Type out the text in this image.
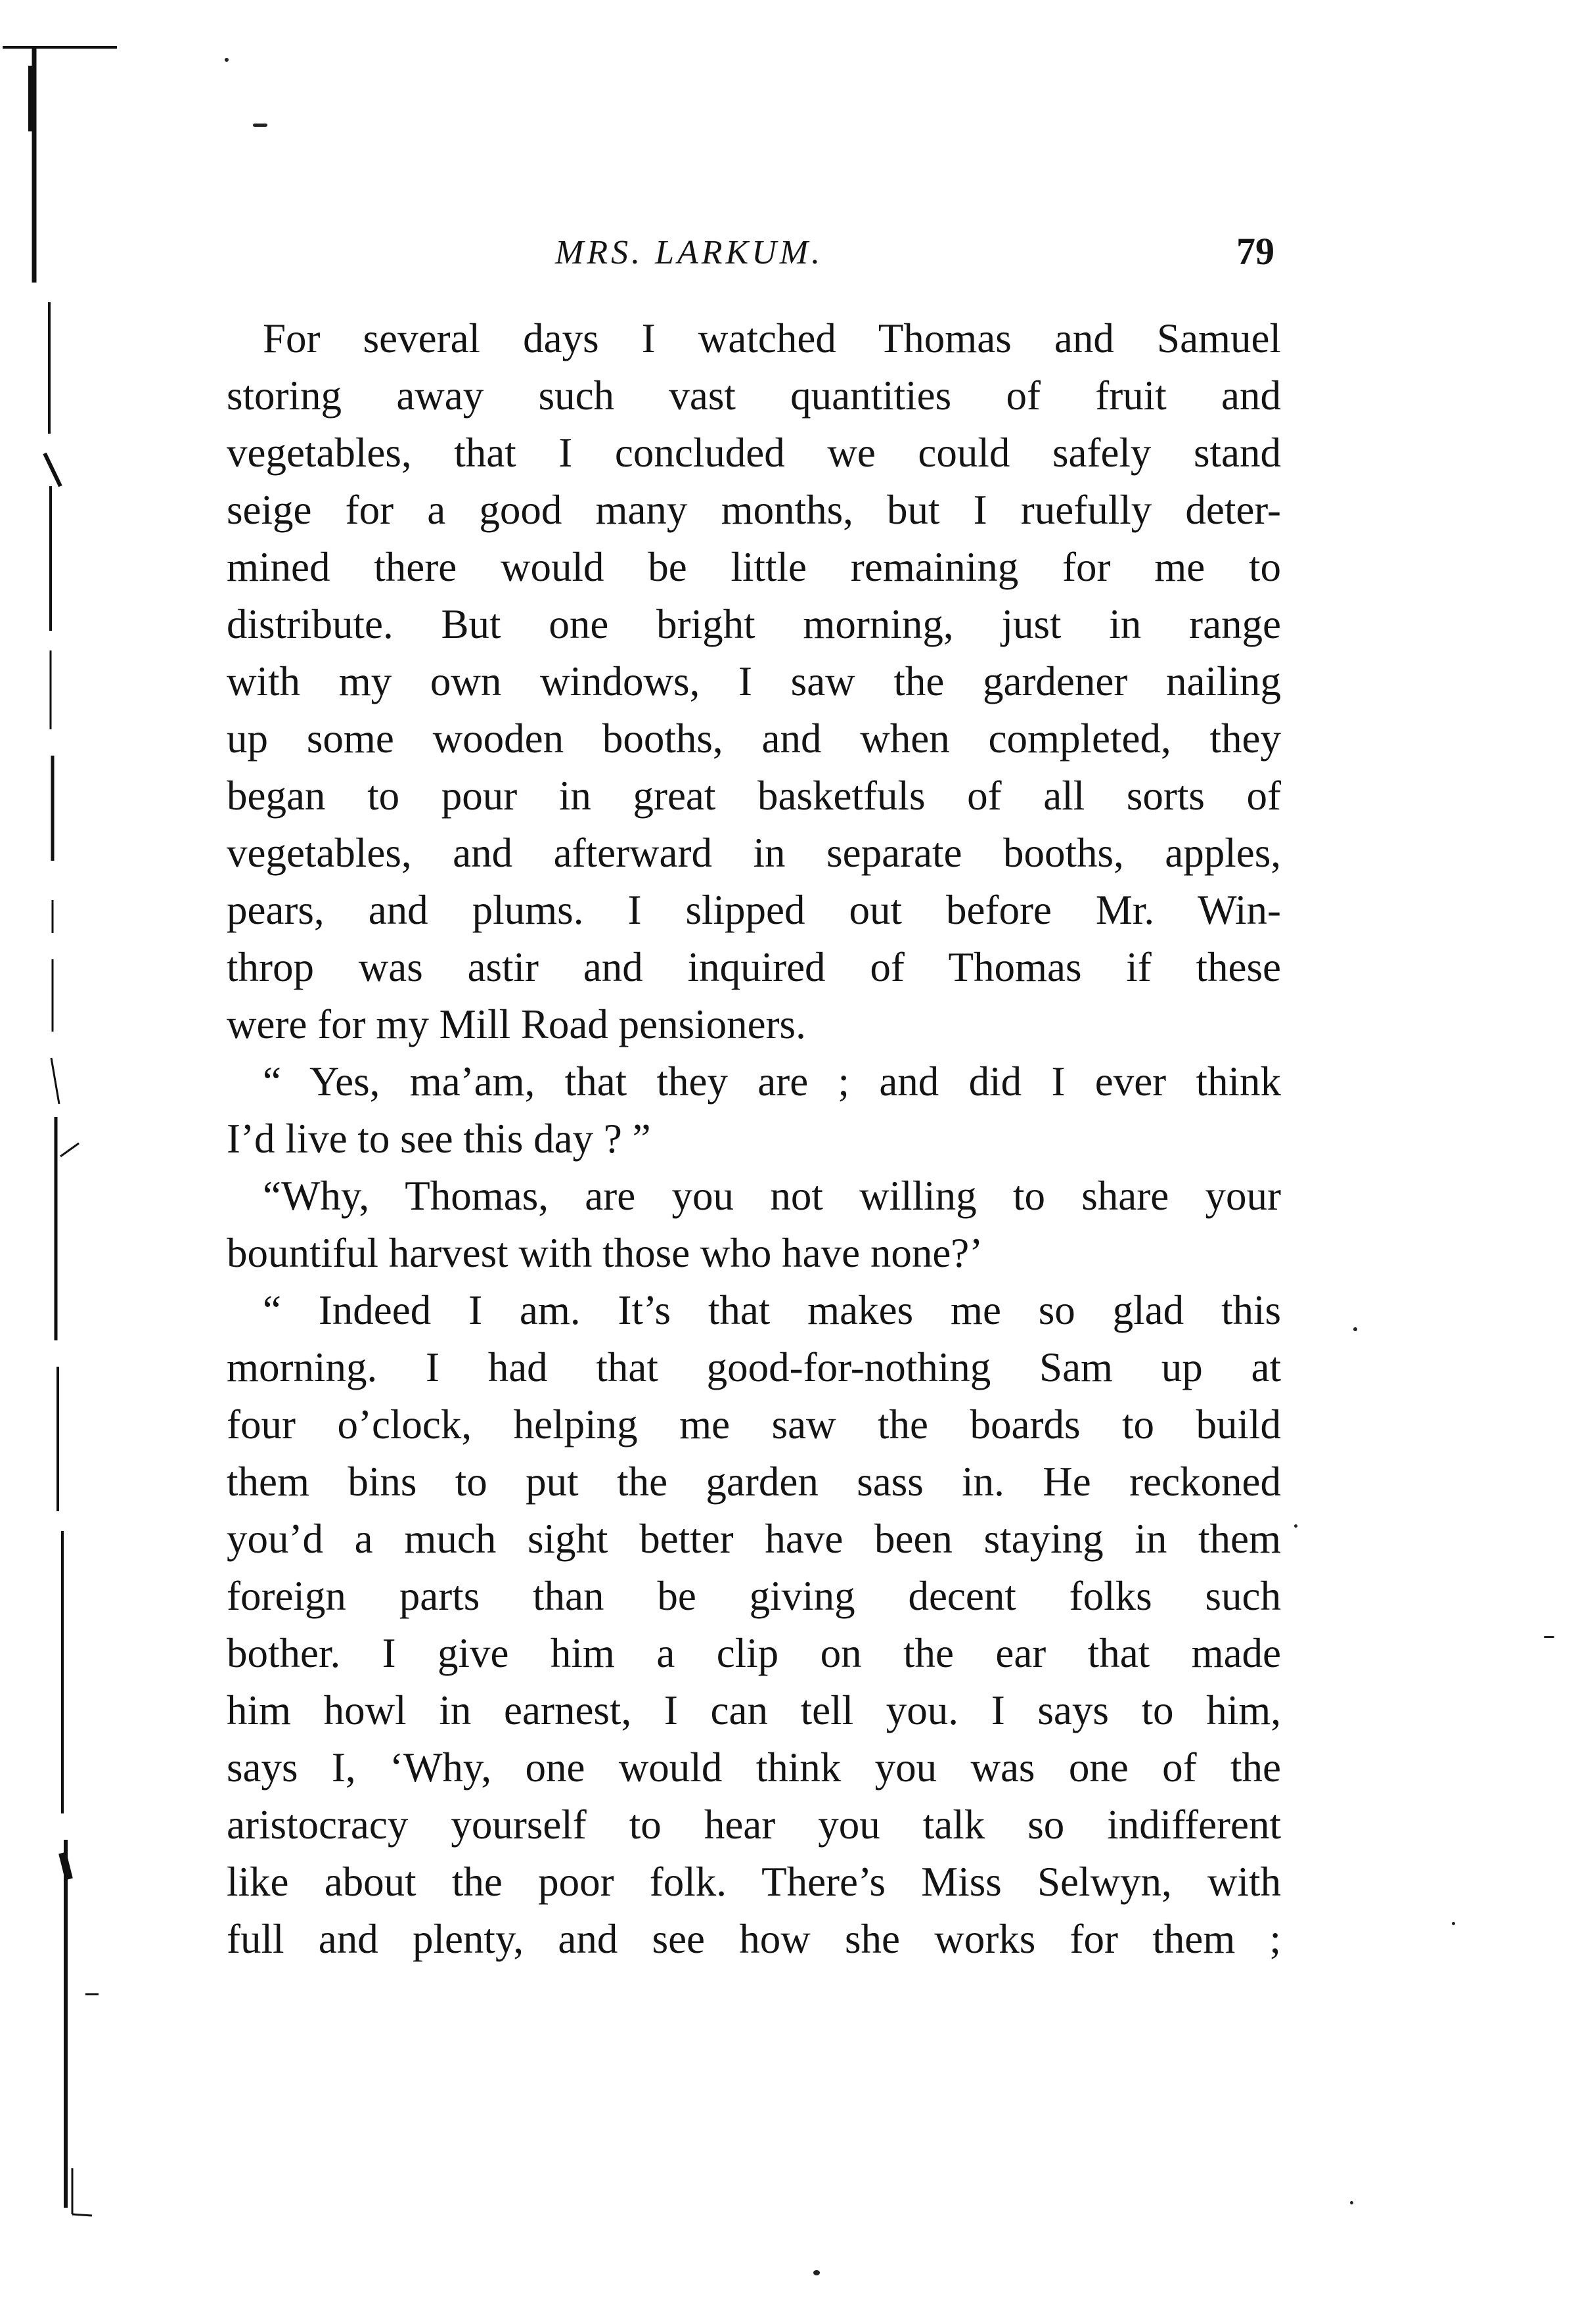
MRS. LARKUM.	79
For several days I watched Thomas and Samuel
storing away such vast quantities of fruit and
vegetables, that I concluded we could safely stand
seige for a good many months, but I ruefully deter-
mined there would be little remaining for me to
distribute. But one bright morning, just in range
with my own windows, I saw the gardener nailing
up some wooden booths, and when completed, they
began to pour in great basketfuls of all sorts of
vegetables, and afterward in separate booths, apples,
pears, and plums. I slipped out before Mr. Win-
throp was astir and inquired of Thomas if these
were for my Mill Road pensioners.
“ Yes, ma’am, that they are ; and did I ever think
I’d live to see this day ? ”
“Why, Thomas, are you not willing to share your
bountiful harvest with those who have none?’
“ Indeed I am. It’s that makes me so glad this
morning. I had that good-for-nothing Sam up at
four o’clock, helping me saw the boards to build
them bins to put the garden sass in. He reckoned
you’d a much sight better have been staying in them
foreign parts than be giving decent folks such
bother. I give him a clip on the ear that made
him howl in earnest, I can tell you. I says to him,
says I, ‘Why, one would think you was one of the
aristocracy yourself to hear you talk so indifferent
like about the poor folk. There’s Miss Selwyn, with
full and plenty, and see how she works for them ;
